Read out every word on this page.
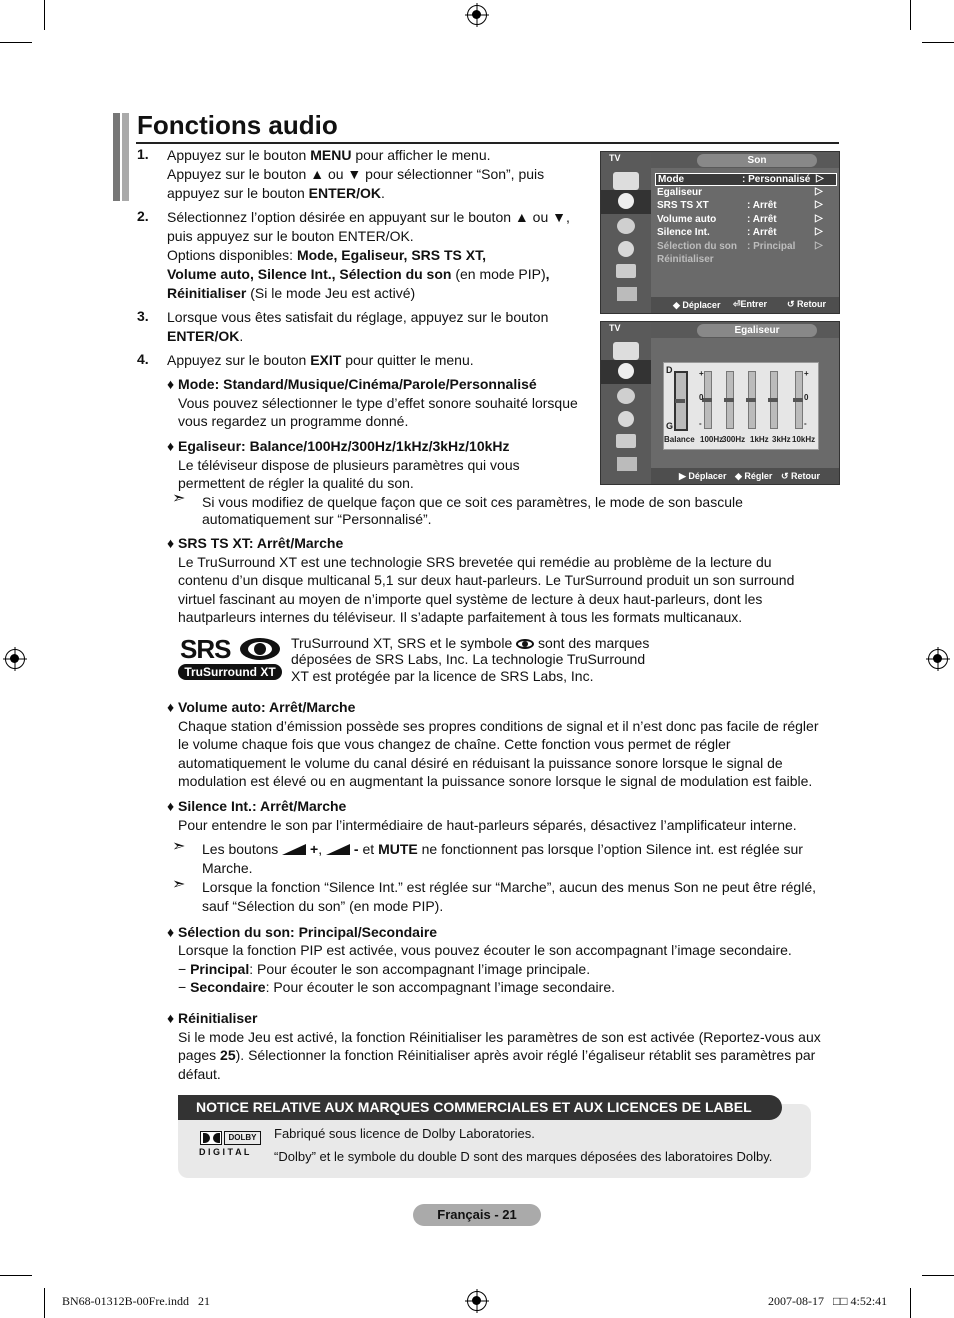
Fonctions audio
1. Appuyez sur le bouton MENU pour afficher le menu.
Appuyez sur le bouton ▲ ou ▼ pour sélectionner “Son”, puis
appuyez sur le bouton ENTER/OK.
2. Sélectionnez l’option désirée en appuyant sur le bouton ▲ ou ▼,
puis appuyez sur le bouton ENTER/OK.
Options disponibles: Mode, Egaliseur, SRS TS XT,
Volume auto, Silence Int., Sélection du son (en mode PIP),
Réinitialiser (Si le mode Jeu est activé)
3. Lorsque vous êtes satisfait du réglage, appuyez sur le bouton
ENTER/OK.
4. Appuyez sur le bouton EXIT pour quitter le menu.
♦ Mode: Standard/Musique/Cinéma/Parole/Personnalisé
Vous pouvez sélectionner le type d’effet sonore souhaité lorsque
vous regardez un programme donné.
♦ Egaliseur: Balance/100Hz/300Hz/1kHz/3kHz/10kHz
Le téléviseur dispose de plusieurs paramètres qui vous
permettent de régler la qualité du son.
➣ Si vous modifiez de quelque façon que ce soit ces paramètres, le mode de son bascule
automatiquement sur “Personnalisé”.
♦ SRS TS XT: Arrêt/Marche
Le TruSurround XT est une technologie SRS brevetée qui remédie au problème de la lecture du
contenu d’un disque multicanal 5,1 sur deux haut-parleurs. Le TurSurround produit un son surround
virtuel fascinant au moyen de n’importe quel système de lecture à deux haut-parleurs, dont les
hautparleurs internes du téléviseur. Il s’adapte parfaitement à tous les formats multicanaux.
SRS
TruSurround XT
TruSurround XT, SRS et le symbole
sont des marques
déposées de SRS Labs, Inc. La technologie TruSurround
XT est protégée par la licence de SRS Labs, Inc.
♦ Volume auto: Arrêt/Marche
Chaque station d’émission possède ses propres conditions de signal et il n’est donc pas facile de régler
le volume chaque fois que vous changez de chaîne. Cette fonction vous permet de régler
automatiquement le volume du canal désiré en réduisant la puissance sonore lorsque le signal de
modulation est élevé ou en augmentant la puissance sonore lorsque le signal de modulation est faible.
♦ Silence Int.: Arrêt/Marche
Pour entendre le son par l’intermédiaire de haut-parleurs séparés, désactivez l’amplificateur interne.
➣ Les boutons  +,  - et MUTE ne fonctionnent pas lorsque l’option Silence int. est réglée sur
Marche.
➣ Lorsque la fonction “Silence Int.” est réglée sur “Marche”, aucun des menus Son ne peut être réglé,
sauf “Sélection du son” (en mode PIP).
♦ Sélection du son: Principal/Secondaire
Lorsque la fonction PIP est activée, vous pouvez écouter le son accompagnant l’image secondaire.
− Principal: Pour écouter le son accompagnant l’image principale.
− Secondaire: Pour écouter le son accompagnant l’image secondaire.
♦ Réinitialiser
Si le mode Jeu est activé, la fonction Réinitialiser les paramètres de son est activée (Reportez-vous aux
pages 25). Sélectionner la fonction Réinitialiser après avoir réglé l’égaliseur rétablit ses paramètres par
défaut.
NOTICE RELATIVE AUX MARQUES COMMERCIALES ET AUX LICENCES DE LABEL
DOLBY
D I G I T A L
Fabriqué sous licence de Dolby Laboratories.
“Dolby” et le symbole du double D sont des marques déposées des laboratoires Dolby.
Français - 21
BN68-01312B-00Fre.indd   21	2007-08-17   □□ 4:52:41
TV	Son
Mode	: Personnalisé ▷
Egaliseur	▷
SRS TS XT	: Arrêt	▷
Volume auto	: Arrêt	▷
Silence Int.	: Arrêt	▷
Sélection du son : Principal ▷
Réinitialiser
◆ Déplacer ⏎Entrer ↺ Retour
TV	Egaliseur
D
G
Balance 100Hz
300Hz 1kHz 3kHz 10kHz
+
0
-
+
0
-
▶ Déplacer ◆ Régler ↺ Retour
